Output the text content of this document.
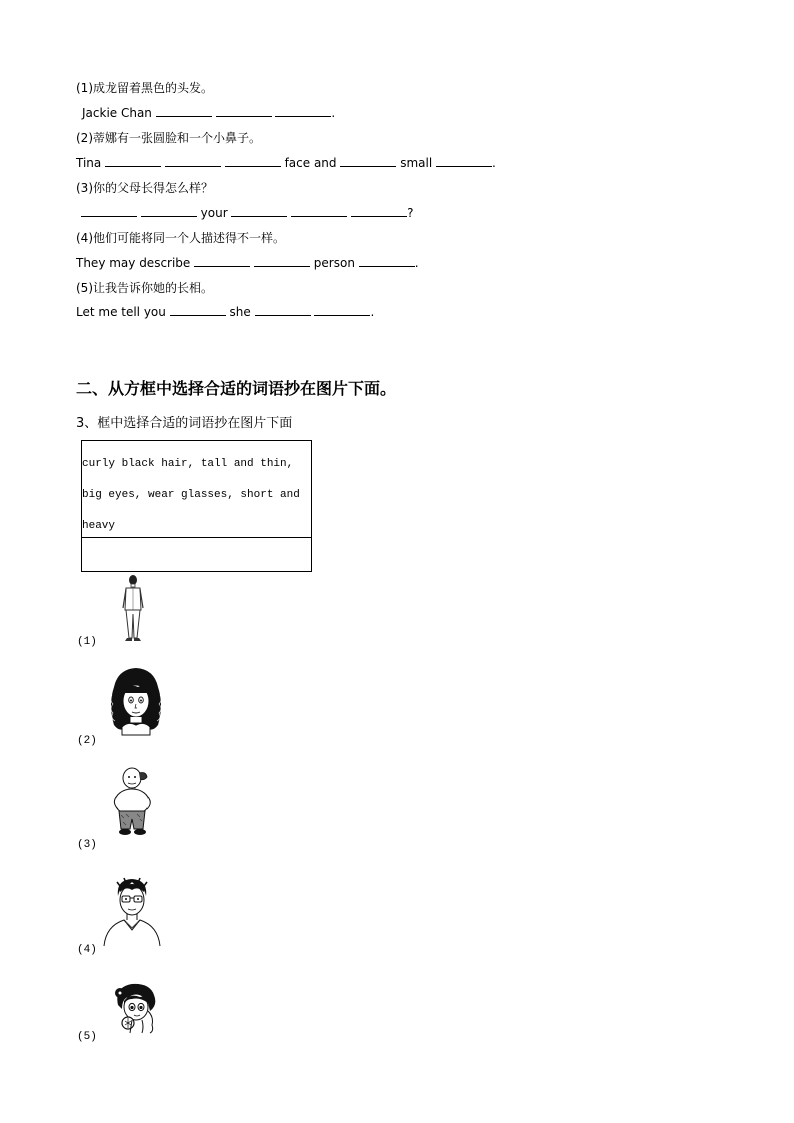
(1)成龙留着黑色的头发。
Jackie Chan	.
(2)蒂娜有一张圆脸和一个小鼻子。
Tina	face and	small	.
(3)你的父母长得怎么样？
your	?
(4)他们可能将同一个人描述得不一样。
They may describe	person	.
(5)让我告诉你她的长相。
Let me tell you	she	.
二、从方框中选择合适的词语抄在图片下面。
3、框中选择合适的词语抄在图片下面
curly black hair, tall and thin,
big eyes, wear glasses, short and
heavy
(1)
(2)
(3)
(4)
(5)
